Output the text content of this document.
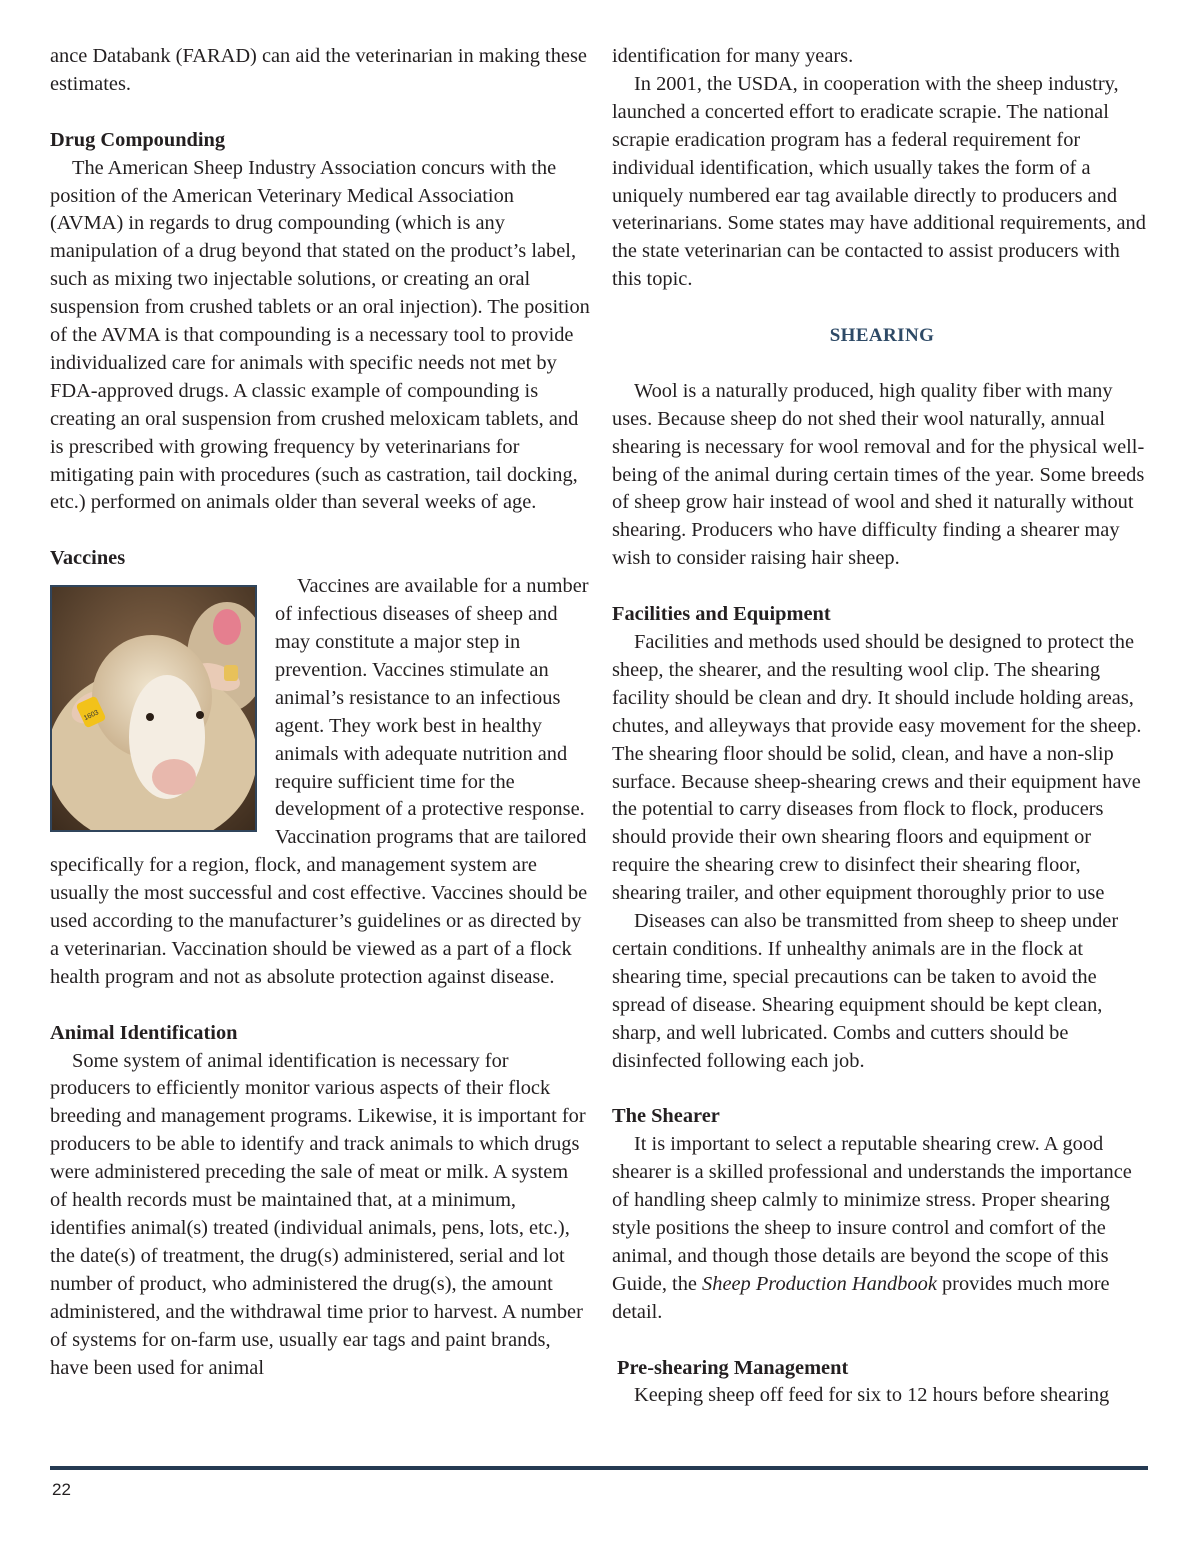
ance Databank (FARAD) can aid the veterinarian in making these estimates.

Drug Compounding

The American Sheep Industry Association concurs with the position of the American Veterinary Medical Association (AVMA) in regards to drug compounding (which is any manipulation of a drug beyond that stated on the product’s label, such as mixing two injectable solutions, or creating an oral suspension from crushed tablets or an oral injection). The position of the AVMA is that compounding is a necessary tool to provide individualized care for animals with specific needs not met by FDA-approved drugs. A classic example of compounding is creating an oral suspension from crushed meloxicam tablets, and is prescribed with growing frequency by veterinarians for mitigating pain with procedures (such as castration, tail docking, etc.) performed on animals older than several weeks of age.

Vaccines

1603

Vaccines are available for a number of infectious diseases of sheep and may constitute a major step in prevention. Vaccines stimulate an animal’s resistance to an infectious agent. They work best in healthy animals with adequate nutrition and require sufficient time for the development of a protective response. Vaccination programs that are tailored specifically for a region, flock, and management system are usually the most successful and cost effective. Vaccines should be used according to the manufacturer’s guidelines or as directed by a veterinarian. Vaccination should be viewed as a part of a flock health program and not as absolute protection against disease.

Animal Identification

Some system of animal identification is necessary for producers to efficiently monitor various aspects of their flock breeding and management programs. Likewise, it is important for producers to be able to identify and track animals to which drugs were administered preceding the sale of meat or milk. A system of health records must be maintained that, at a minimum, identifies animal(s) treated (individual animals, pens, lots, etc.), the date(s) of treatment, the drug(s) administered, serial and lot number of product, who administered the drug(s), the amount administered, and the withdrawal time prior to harvest. A number of systems for on-farm use, usually ear tags and paint brands, have been used for animal

identification for many years.

In 2001, the USDA, in cooperation with the sheep industry, launched a concerted effort to eradicate scrapie. The national scrapie eradication program has a federal requirement for individual identification, which usually takes the form of a uniquely numbered ear tag available directly to producers and veterinarians. Some states may have additional requirements, and the state veterinarian can be contacted to assist producers with this topic.

SHEARING

Wool is a naturally produced, high quality fiber with many uses. Because sheep do not shed their wool naturally, annual shearing is necessary for wool removal and for the physical well-being of the animal during certain times of the year. Some breeds of sheep grow hair instead of wool and shed it naturally without shearing. Producers who have difficulty finding a shearer may wish to consider raising hair sheep.

Facilities and Equipment

Facilities and methods used should be designed to protect the sheep, the shearer, and the resulting wool clip. The shearing facility should be clean and dry. It should include holding areas, chutes, and alleyways that provide easy movement for the sheep. The shearing floor should be solid, clean, and have a non-slip surface. Because sheep-shearing crews and their equipment have the potential to carry diseases from flock to flock, producers should provide their own shearing floors and equipment or require the shearing crew to disinfect their shearing floor, shearing trailer, and other equipment thoroughly prior to use

Diseases can also be transmitted from sheep to sheep under certain conditions. If unhealthy animals are in the flock at shearing time, special precautions can be taken to avoid the spread of disease. Shearing equipment should be kept clean, sharp, and well lubricated. Combs and cutters should be disinfected following each job.

The Shearer

It is important to select a reputable shearing crew. A good shearer is a skilled professional and understands the importance of handling sheep calmly to minimize stress. Proper shearing style positions the sheep to insure control and comfort of the animal, and though those details are beyond the scope of this Guide, the Sheep Production Handbook provides much more detail.

Pre-shearing Management

Keeping sheep off feed for six to 12 hours before shearing

22
